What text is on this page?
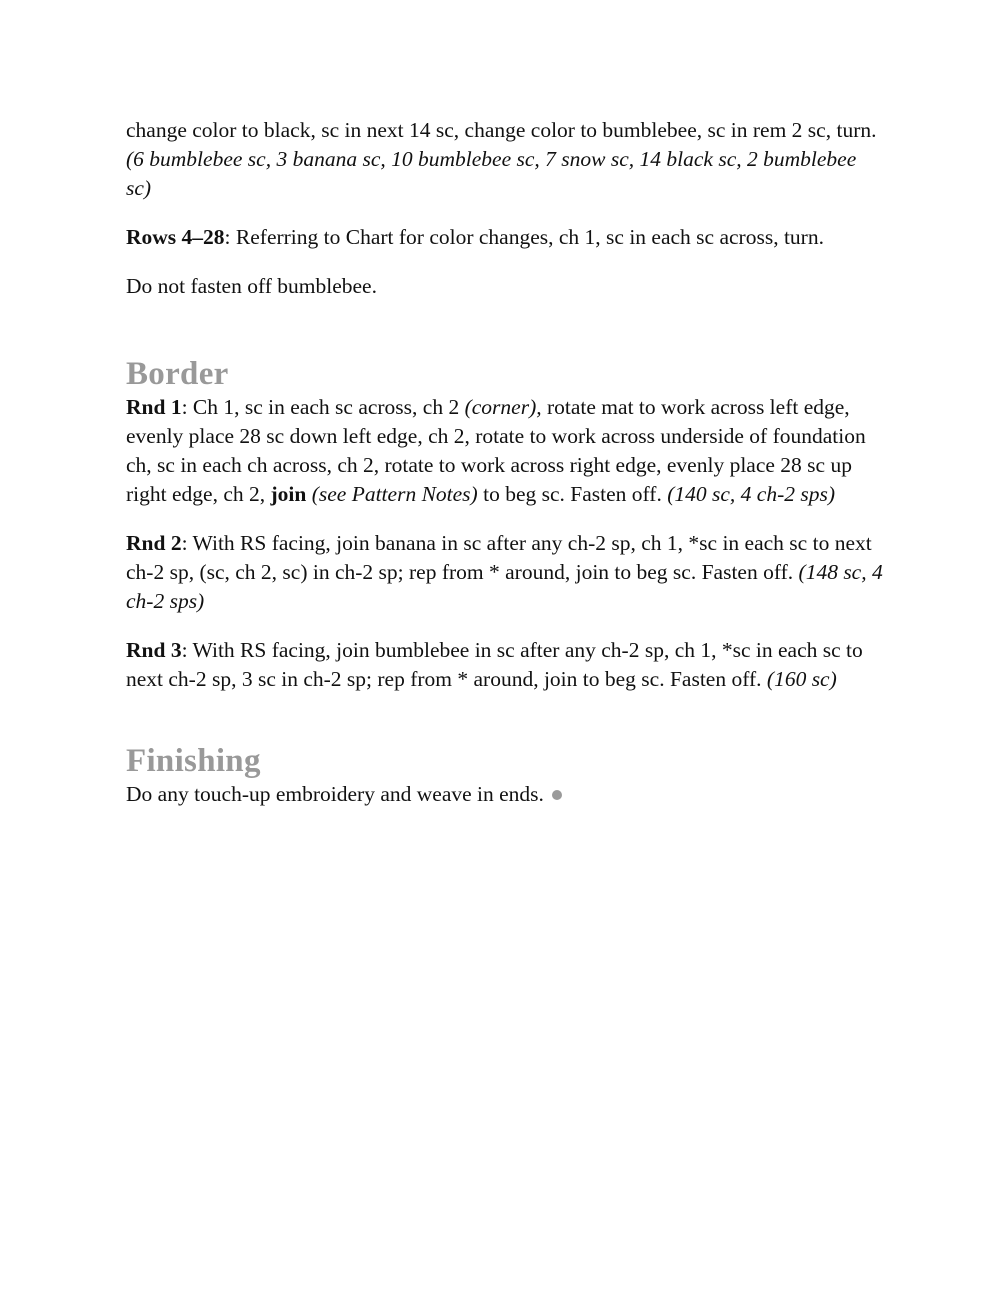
change color to black, sc in next 14 sc, change color to bumblebee, sc in rem 2 sc, turn. (6 bumblebee sc, 3 banana sc, 10 bumblebee sc, 7 snow sc, 14 black sc, 2 bumblebee sc)

Rows 4–28: Referring to Chart for color changes, ch 1, sc in each sc across, turn.

Do not fasten off bumblebee.

Border

Rnd 1: Ch 1, sc in each sc across, ch 2 (corner), rotate mat to work across left edge, evenly place 28 sc down left edge, ch 2, rotate to work across underside of foundation ch, sc in each ch across, ch 2, rotate to work across right edge, evenly place 28 sc up right edge, ch 2, join (see Pattern Notes) to beg sc. Fasten off. (140 sc, 4 ch-2 sps)

Rnd 2: With RS facing, join banana in sc after any ch-2 sp, ch 1, *sc in each sc to next ch-2 sp, (sc, ch 2, sc) in ch-2 sp; rep from * around, join to beg sc. Fasten off. (148 sc, 4 ch-2 sps)

Rnd 3: With RS facing, join bumblebee in sc after any ch-2 sp, ch 1, *sc in each sc to next ch-2 sp, 3 sc in ch-2 sp; rep from * around, join to beg sc. Fasten off. (160 sc)

Finishing

Do any touch-up embroidery and weave in ends.
